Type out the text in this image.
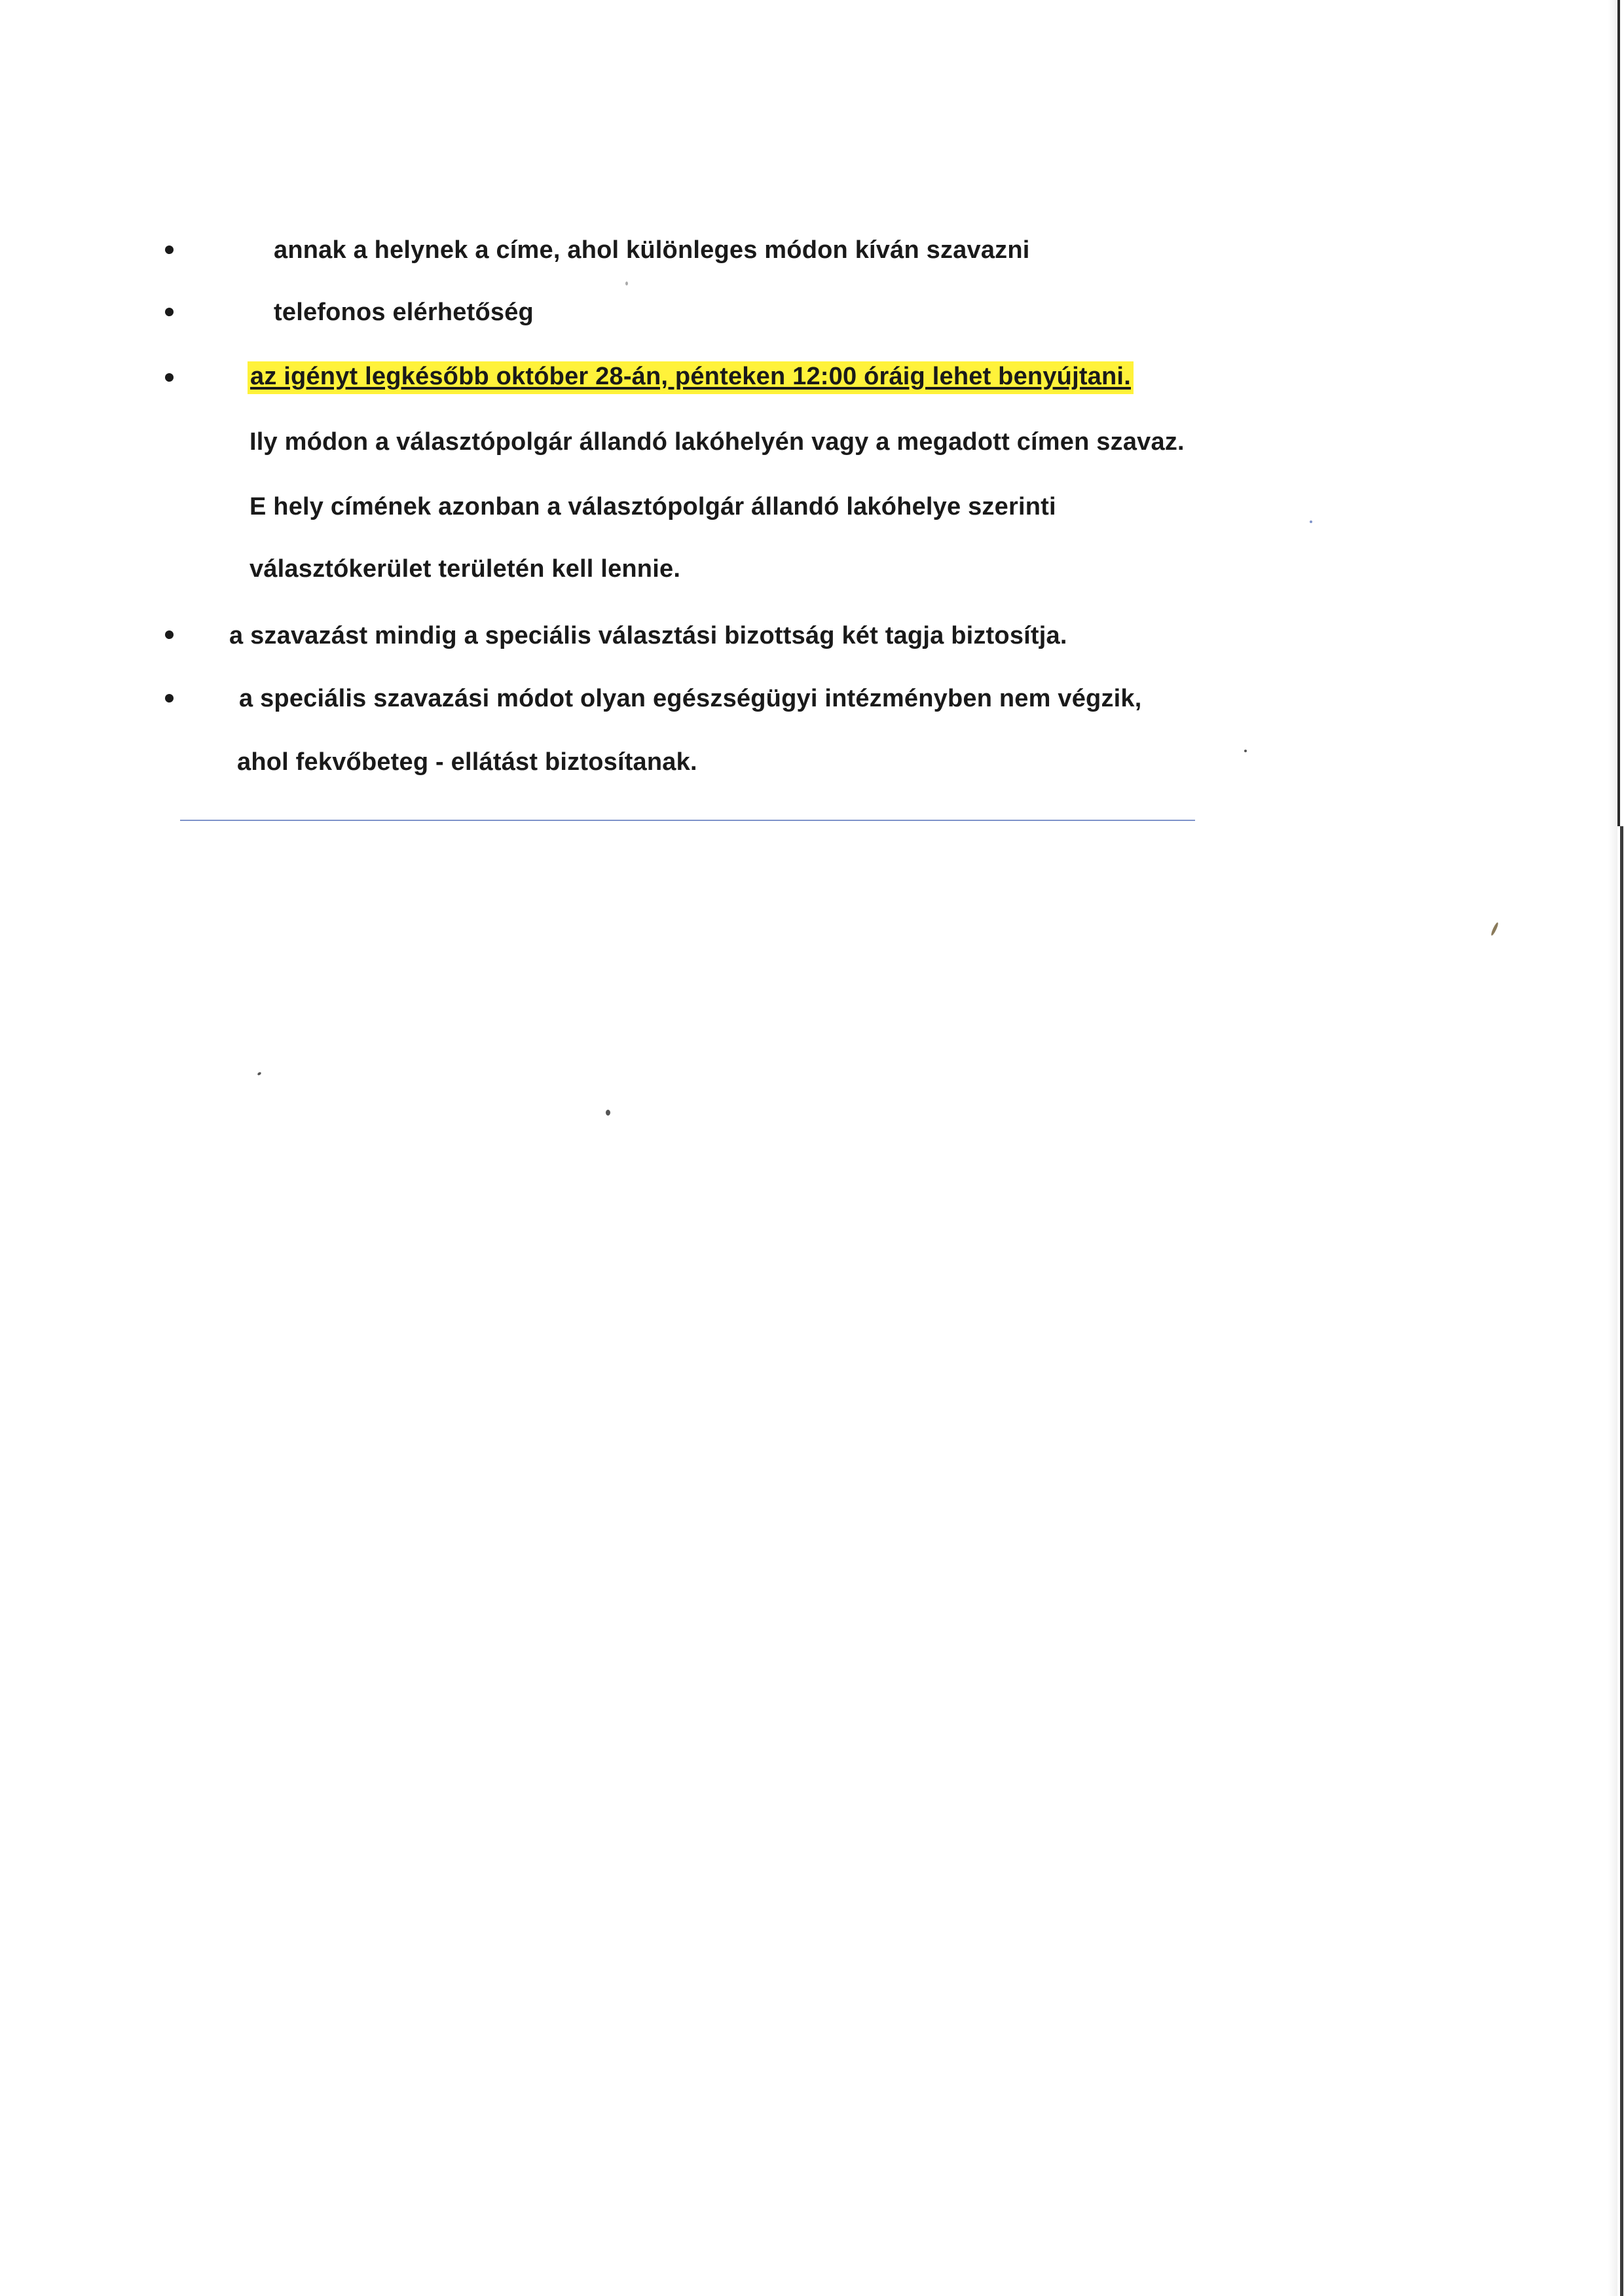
annak a helynek a címe, ahol különleges módon kíván szavazni
telefonos elérhetőség
az igényt legkésőbb október 28-án, pénteken 12:00 óráig lehet benyújtani.
Ily módon a választópolgár állandó lakóhelyén vagy a megadott címen szavaz.
E hely címének azonban a választópolgár állandó lakóhelye szerinti
választókerület területén kell lennie.
a szavazást mindig a speciális választási bizottság két tagja biztosítja.
a speciális szavazási módot olyan egészségügyi intézményben nem végzik,
ahol fekvőbeteg - ellátást biztosítanak.
